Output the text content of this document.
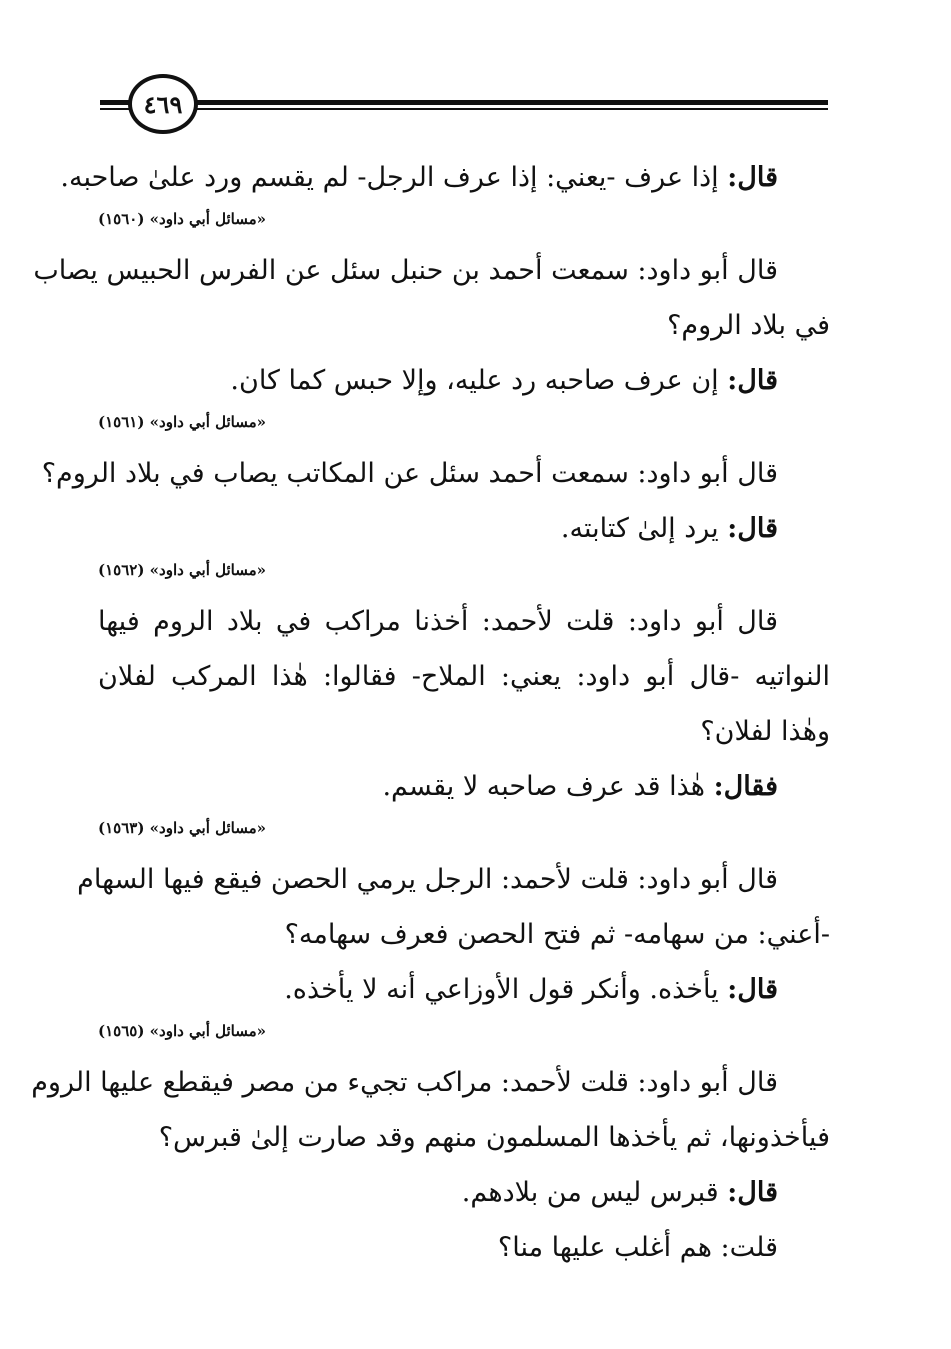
٤٦٩
قال: إذا عرف -يعني: إذا عرف الرجل- لم يقسم ورد علىٰ صاحبه.
«مسائل أبي داود» (١٥٦٠)
قال أبو داود: سمعت أحمد بن حنبل سئل عن الفرس الحبيس يصاب
في بلاد الروم؟
قال: إن عرف صاحبه رد عليه، وإلا حبس كما كان.
«مسائل أبي داود» (١٥٦١)
قال أبو داود: سمعت أحمد سئل عن المكاتب يصاب في بلاد الروم؟
قال: يرد إلىٰ كتابته.
«مسائل أبي داود» (١٥٦٢)
قال أبو داود: قلت لأحمد: أخذنا مراكب في بلاد الروم فيها
النواتيه -قال أبو داود: يعني: الملاح- فقالوا: هٰذا المركب لفلان
وهٰذا لفلان؟
فقال: هٰذا قد عرف صاحبه لا يقسم.
«مسائل أبي داود» (١٥٦٣)
قال أبو داود: قلت لأحمد: الرجل يرمي الحصن فيقع فيها السهام
-أعني: من سهامه- ثم فتح الحصن فعرف سهامه؟
قال: يأخذه. وأنكر قول الأوزاعي أنه لا يأخذه.
«مسائل أبي داود» (١٥٦٥)
قال أبو داود: قلت لأحمد: مراكب تجيء من مصر فيقطع عليها الروم
فيأخذونها، ثم يأخذها المسلمون منهم وقد صارت إلىٰ قبرس؟
قال: قبرس ليس من بلادهم.
قلت: هم أغلب عليها منا؟
